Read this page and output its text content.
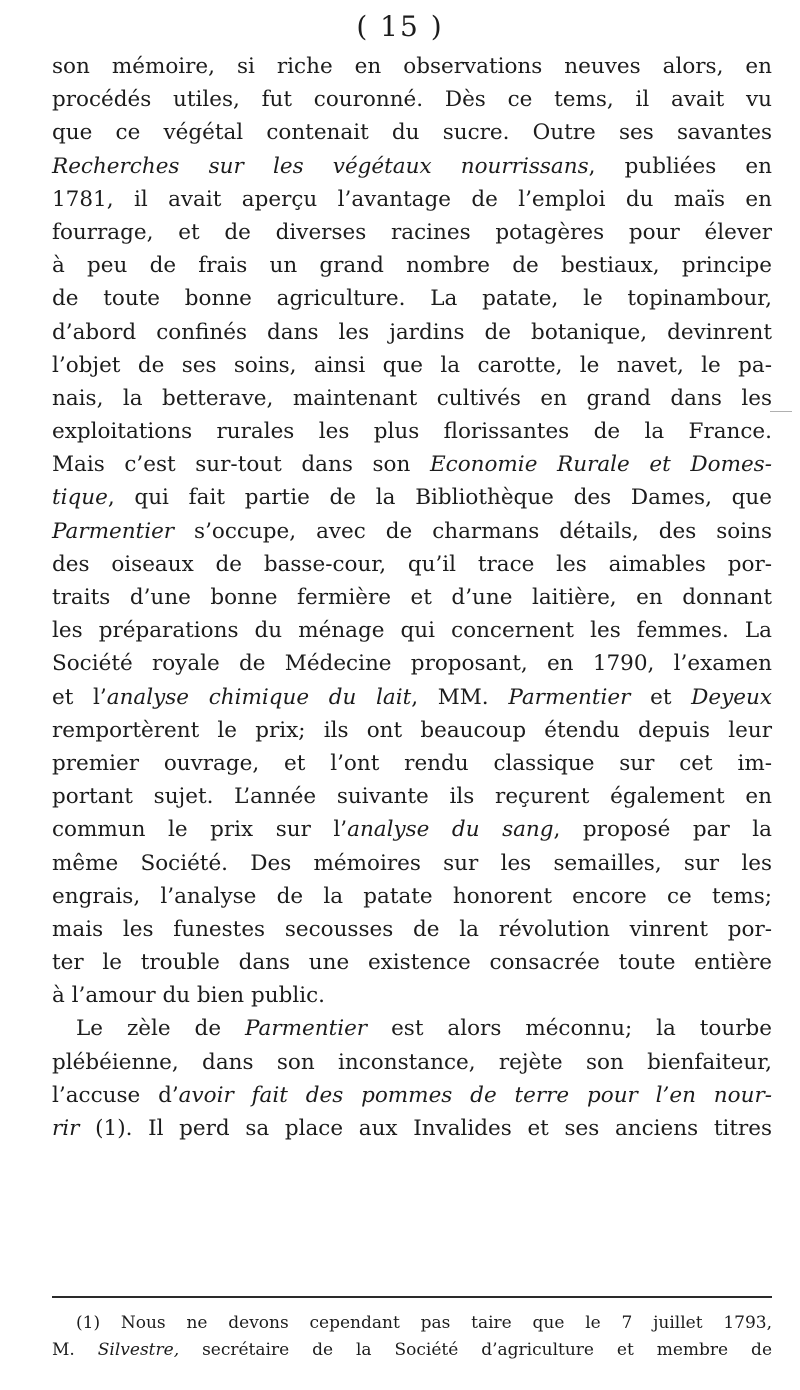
( 15 )
son mémoire, si riche en observations neuves alors, en
procédés utiles, fut couronné. Dès ce tems, il avait vu
que ce végétal contenait du sucre. Outre ses savantes
Recherches sur les végétaux nourrissans, publiées en
1781, il avait aperçu l’avantage de l’emploi du maïs en
fourrage, et de diverses racines potagères pour élever
à peu de frais un grand nombre de bestiaux, principe
de toute bonne agriculture. La patate, le topinambour,
d’abord confinés dans les jardins de botanique, devinrent
l’objet de ses soins, ainsi que la carotte, le navet, le pa-
nais, la betterave, maintenant cultivés en grand dans les
exploitations rurales les plus florissantes de la France.
Mais c’est sur-tout dans son Economie Rurale et Domes-
tique, qui fait partie de la Bibliothèque des Dames, que
Parmentier s’occupe, avec de charmans détails, des soins
des oiseaux de basse-cour, qu’il trace les aimables por-
traits d’une bonne fermière et d’une laitière, en donnant
les préparations du ménage qui concernent les femmes. La
Société royale de Médecine proposant, en 1790, l’examen
et l’analyse chimique du lait, MM. Parmentier et Deyeux
remportèrent le prix; ils ont beaucoup étendu depuis leur
premier ouvrage, et l’ont rendu classique sur cet im-
portant sujet. L’année suivante ils reçurent également en
commun le prix sur l’analyse du sang, proposé par la
même Société. Des mémoires sur les semailles, sur les
engrais, l’analyse de la patate honorent encore ce tems;
mais les funestes secousses de la révolution vinrent por-
ter le trouble dans une existence consacrée toute entière
à l’amour du bien public.
Le zèle de Parmentier est alors méconnu; la tourbe
plébéienne, dans son inconstance, rejète son bienfaiteur,
l’accuse d’avoir fait des pommes de terre pour l’en nour-
rir (1). Il perd sa place aux Invalides et ses anciens titres
(1) Nous ne devons cependant pas taire que le 7 juillet 1793,
M. Silvestre, secrétaire de la Société d’agriculture et membre de
